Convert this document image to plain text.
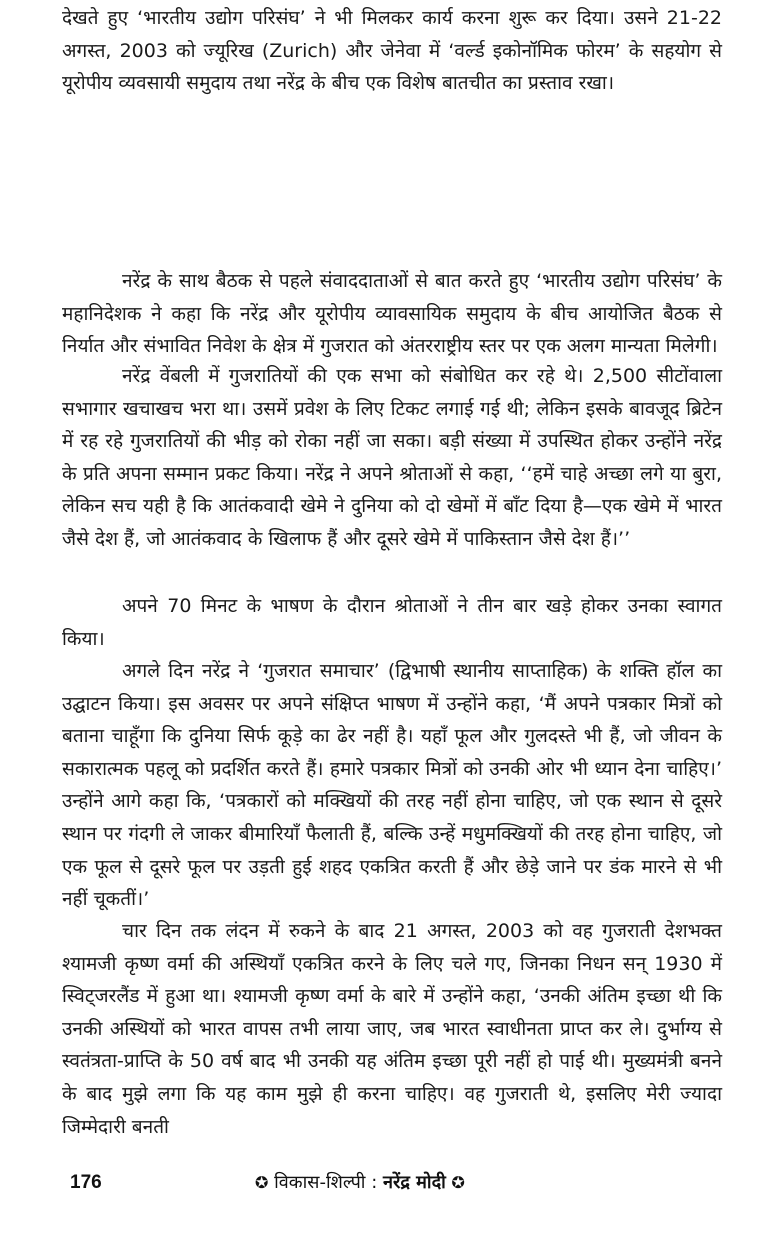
देखते हुए ‘भारतीय उद्योग परिसंघ’ ने भी मिलकर कार्य करना शुरू कर दिया। उसने 21-22 अगस्त, 2003 को ज्यूरिख (Zurich) और जेनेवा में ‘वर्ल्ड इकोनॉमिक फोरम’ के सहयोग से यूरोपीय व्यवसायी समुदाय तथा नरेंद्र के बीच एक विशेष बातचीत का प्रस्ताव रखा।

नरेंद्र के साथ बैठक से पहले संवाददाताओं से बात करते हुए ‘भारतीय उद्योग परिसंघ’ के महानिदेशक ने कहा कि नरेंद्र और यूरोपीय व्यावसायिक समुदाय के बीच आयोजित बैठक से निर्यात और संभावित निवेश के क्षेत्र में गुजरात को अंतरराष्ट्रीय स्तर पर एक अलग मान्यता मिलेगी।

नरेंद्र वेंबली में गुजरातियों की एक सभा को संबोधित कर रहे थे। 2,500 सीटोंवाला सभागार खचाखच भरा था। उसमें प्रवेश के लिए टिकट लगाई गई थी; लेकिन इसके बावजूद ब्रिटेन में रह रहे गुजरातियों की भीड़ को रोका नहीं जा सका। बड़ी संख्या में उपस्थित होकर उन्होंने नरेंद्र के प्रति अपना सम्मान प्रकट किया। नरेंद्र ने अपने श्रोताओं से कहा, ‘‘हमें चाहे अच्छा लगे या बुरा, लेकिन सच यही है कि आतंकवादी खेमे ने दुनिया को दो खेमों में बाँट दिया है—एक खेमे में भारत जैसे देश हैं, जो आतंकवाद के खिलाफ हैं और दूसरे खेमे में पाकिस्तान जैसे देश हैं।’’

अपने 70 मिनट के भाषण के दौरान श्रोताओं ने तीन बार खड़े होकर उनका स्वागत किया।

अगले दिन नरेंद्र ने ‘गुजरात समाचार’ (द्विभाषी स्थानीय साप्ताहिक) के शक्ति हॉल का उद्घाटन किया। इस अवसर पर अपने संक्षिप्त भाषण में उन्होंने कहा, ‘मैं अपने पत्रकार मित्रों को बताना चाहूँगा कि दुनिया सिर्फ कूड़े का ढेर नहीं है। यहाँ फूल और गुलदस्ते भी हैं, जो जीवन के सकारात्मक पहलू को प्रदर्शित करते हैं। हमारे पत्रकार मित्रों को उनकी ओर भी ध्यान देना चाहिए।’ उन्होंने आगे कहा कि, ‘पत्रकारों को मक्खियों की तरह नहीं होना चाहिए, जो एक स्थान से दूसरे स्थान पर गंदगी ले जाकर बीमारियाँ फैलाती हैं, बल्कि उन्हें मधुमक्खियों की तरह होना चाहिए, जो एक फूल से दूसरे फूल पर उड़ती हुई शहद एकत्रित करती हैं और छेड़े जाने पर डंक मारने से भी नहीं चूकतीं।’

चार दिन तक लंदन में रुकने के बाद 21 अगस्त, 2003 को वह गुजराती देशभक्त श्यामजी कृष्ण वर्मा की अस्थियाँ एकत्रित करने के लिए चले गए, जिनका निधन सन् 1930 में स्विट्जरलैंड में हुआ था। श्यामजी कृष्ण वर्मा के बारे में उन्होंने कहा, ‘उनकी अंतिम इच्छा थी कि उनकी अस्थियों को भारत वापस तभी लाया जाए, जब भारत स्वाधीनता प्राप्त कर ले। दुर्भाग्य से स्वतंत्रता-प्राप्ति के 50 वर्ष बाद भी उनकी यह अंतिम इच्छा पूरी नहीं हो पाई थी। मुख्यमंत्री बनने के बाद मुझे लगा कि यह काम मुझे ही करना चाहिए। वह गुजराती थे, इसलिए मेरी ज्यादा जिम्मेदारी बनती

176	✪ विकास-शिल्पी : नरेंद्र मोदी ✪
